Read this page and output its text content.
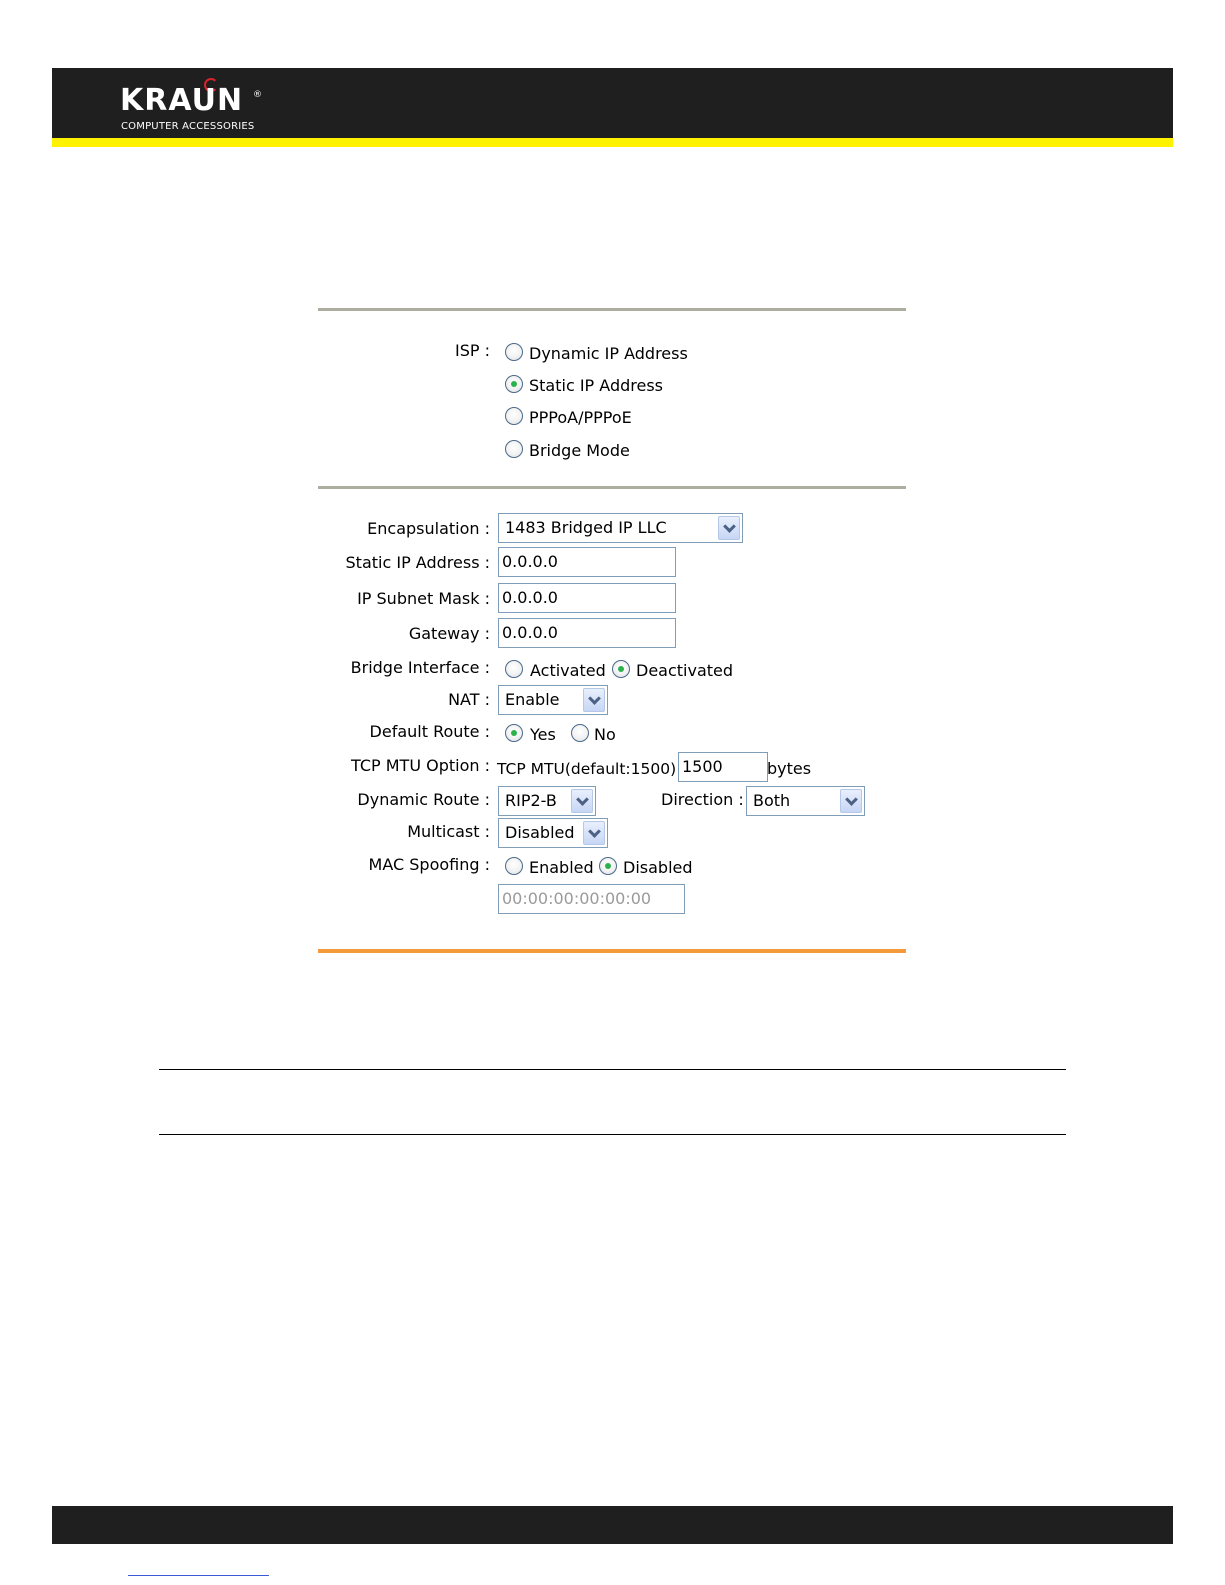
KRAUN ®
COMPUTER ACCESSORIES
ISP : Dynamic IP Address
Static IP Address
PPPoA/PPPoE
Bridge Mode
Encapsulation : 1483 Bridged IP LLC
Static IP Address : 0.0.0.0
IP Subnet Mask : 0.0.0.0
Gateway : 0.0.0.0
Bridge Interface :	Activated Deactivated
NAT : Enable
Default Route :	Yes No
TCP MTU Option : TCP MTU(default:1500) 1500	bytes
Dynamic Route : RIP2-B	Direction : Both
Multicast : Disabled
MAC Spoofing : Enabled Disabled
00:00:00:00:00:00
